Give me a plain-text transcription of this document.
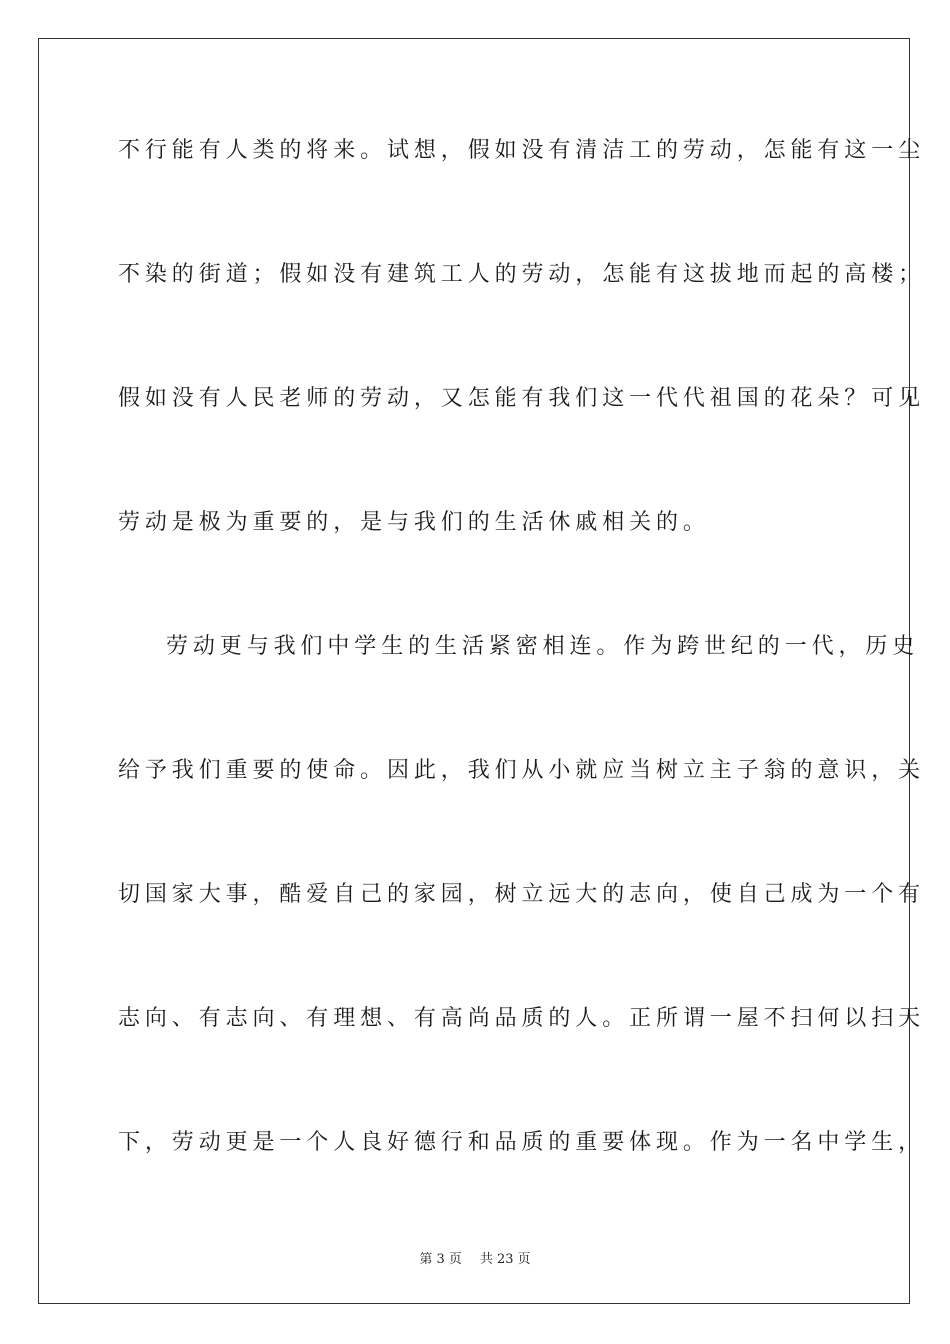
不行能有人类的将来。试想，假如没有清洁工的劳动，怎能有这一尘

不染的街道；假如没有建筑工人的劳动，怎能有这拔地而起的高楼；

假如没有人民老师的劳动，又怎能有我们这一代代祖国的花朵？可见

劳动是极为重要的，是与我们的生活休戚相关的。

劳动更与我们中学生的生活紧密相连。作为跨世纪的一代，历史

给予我们重要的使命。因此，我们从小就应当树立主子翁的意识，关

切国家大事，酷爱自己的家园，树立远大的志向，使自己成为一个有

志向、有志向、有理想、有高尚品质的人。正所谓一屋不扫何以扫天

下，劳动更是一个人良好德行和品质的重要体现。作为一名中学生，

第 3 页 共 23 页
